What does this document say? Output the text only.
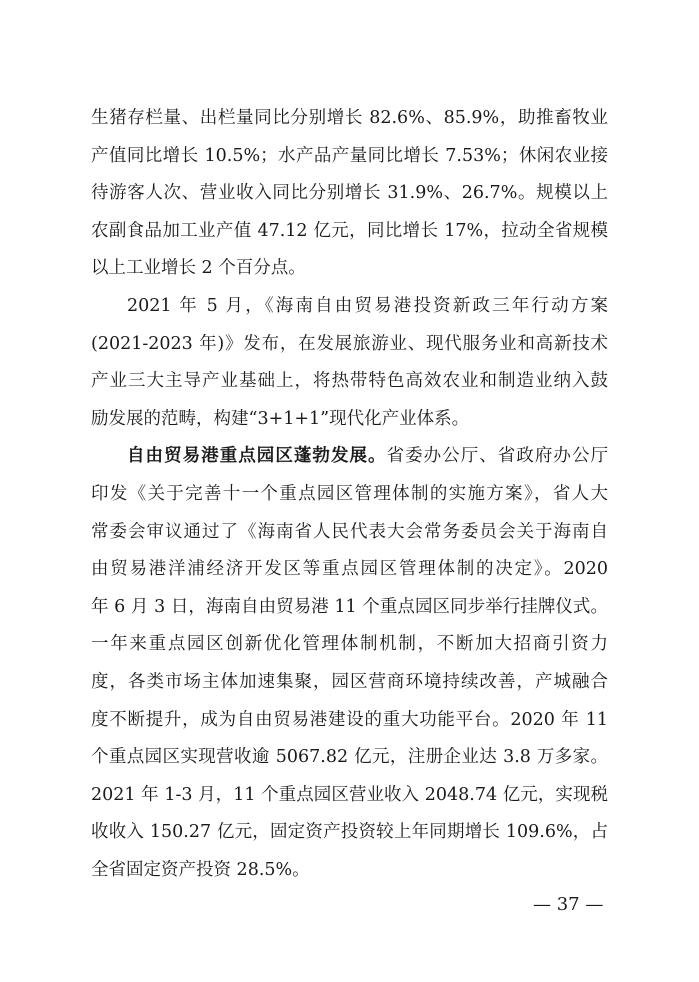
生猪存栏量、出栏量同比分别增长 82.6%、85.9%，助推畜牧业
产值同比增长 10.5%；水产品产量同比增长 7.53%；休闲农业接
待游客人次、营业收入同比分别增长 31.9%、26.7%。规模以上
农副食品加工业产值 47.12 亿元，同比增长 17%，拉动全省规模
以上工业增长 2 个百分点。
2021 年 5 月，《海南自由贸易港投资新政三年行动方案
(2021-2023 年)》发布，在发展旅游业、现代服务业和高新技术
产业三大主导产业基础上，将热带特色高效农业和制造业纳入鼓
励发展的范畴，构建“3+1+1”现代化产业体系。
自由贸易港重点园区蓬勃发展。省委办公厅、省政府办公厅
印发《关于完善十一个重点园区管理体制的实施方案》，省人大
常委会审议通过了《海南省人民代表大会常务委员会关于海南自
由贸易港洋浦经济开发区等重点园区管理体制的决定》。2020
年 6 月 3 日，海南自由贸易港 11 个重点园区同步举行挂牌仪式。
一年来重点园区创新优化管理体制机制，不断加大招商引资力
度，各类市场主体加速集聚，园区营商环境持续改善，产城融合
度不断提升，成为自由贸易港建设的重大功能平台。2020 年 11
个重点园区实现营收逾 5067.82 亿元，注册企业达 3.8 万多家。
2021 年 1-3 月，11 个重点园区营业收入 2048.74 亿元，实现税
收收入 150.27 亿元，固定资产投资较上年同期增长 109.6%，占
全省固定资产投资 28.5%。
— 37 —
